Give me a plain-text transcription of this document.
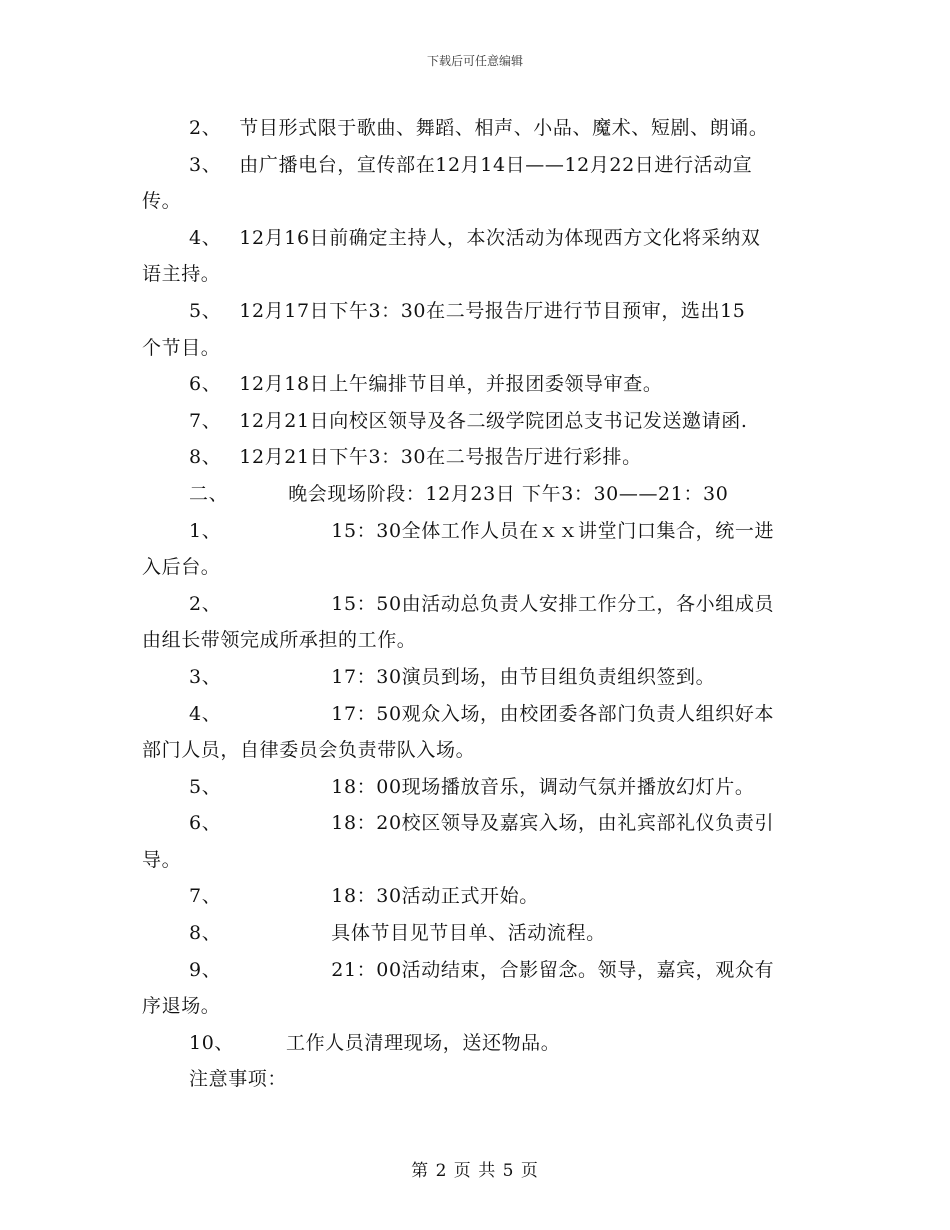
下载后可任意编辑
2、 节目形式限于歌曲、舞蹈、相声、小品、魔术、短剧、朗诵。
3、 由广播电台，宣传部在12月14日——12月22日进行活动宣
传。
4、 12月16日前确定主持人，本次活动为体现西方文化将采纳双
语主持。
5、 12月17日下午3：30在二号报告厅进行节目预审，选出15
个节目。
6、 12月18日上午编排节目单，并报团委领导审查。
7、 12月21日向校区领导及各二级学院团总支书记发送邀请函.
8、 12月21日下午3：30在二号报告厅进行彩排。
二、	晚会现场阶段：12月23日 下午3：30——21：30
1、	15：30全体工作人员在ｘｘ讲堂门口集合，统一进
入后台。
2、	15：50由活动总负责人安排工作分工，各小组成员
由组长带领完成所承担的工作。
3、	17：30演员到场，由节目组负责组织签到。
4、	17：50观众入场，由校团委各部门负责人组织好本
部门人员，自律委员会负责带队入场。
5、	18：00现场播放音乐，调动气氛并播放幻灯片。
6、	18：20校区领导及嘉宾入场，由礼宾部礼仪负责引
导。
7、	18：30活动正式开始。
8、	具体节目见节目单、活动流程。
9、	21：00活动结束，合影留念。领导，嘉宾，观众有
序退场。
10、	工作人员清理现场，送还物品。
注意事项：
第 2 页 共 5 页
